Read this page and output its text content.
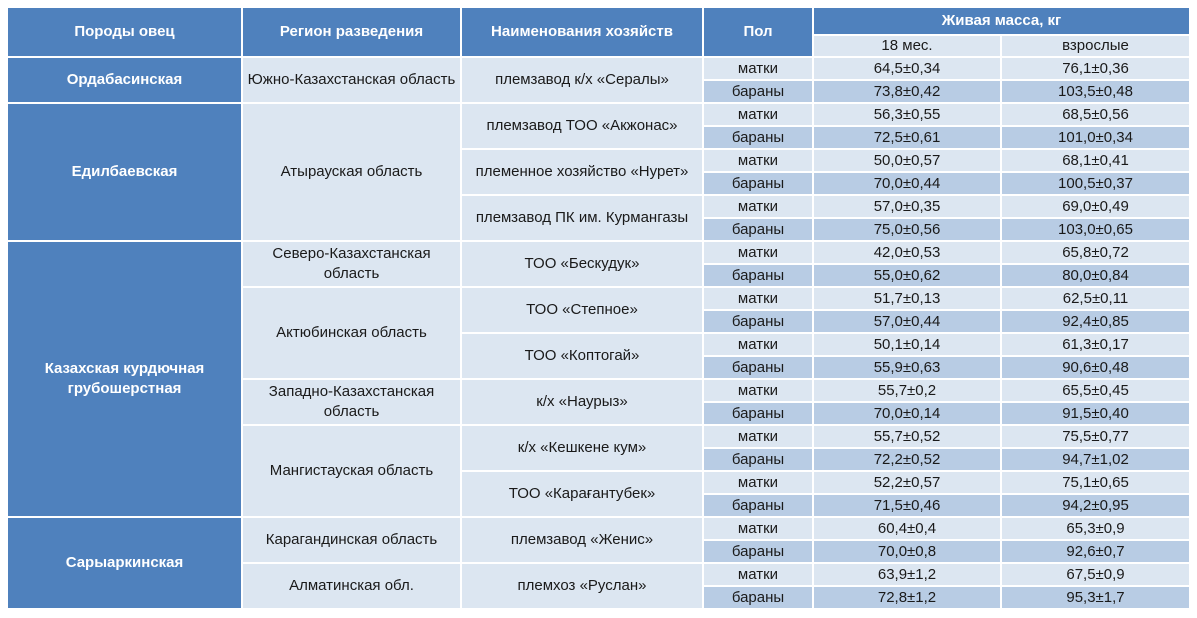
Породы овец	Регион разведения	Наименования хозяйств	Пол	Живая масса, кг	
				18 мес.	взрослые
Ордабасинская	Южно-Казахстанская область	племзавод к/х «Сералы»	матки	64,5±0,34	76,1±0,36
			бараны	73,8±0,42	103,5±0,48
Едилбаевская	Атырауская область	племзавод ТОО «Акжонас»	матки	56,3±0,55	68,5±0,56
			бараны	72,5±0,61	101,0±0,34
		племенное хозяйство «Нурет»	матки	50,0±0,57	68,1±0,41
			бараны	70,0±0,44	100,5±0,37
		племзавод ПК им. Курмангазы	матки	57,0±0,35	69,0±0,49
			бараны	75,0±0,56	103,0±0,65
Казахская курдючная грубошерстная	Северо-Казахстанская область	ТОО «Бескудук»	матки	42,0±0,53	65,8±0,72
			бараны	55,0±0,62	80,0±0,84
	Актюбинская область	ТОО «Степное»	матки	51,7±0,13	62,5±0,11
			бараны	57,0±0,44	92,4±0,85
		ТОО «Коптогай»	матки	50,1±0,14	61,3±0,17
			бараны	55,9±0,63	90,6±0,48
	Западно-Казахстанская область	к/х «Наурыз»	матки	55,7±0,2	65,5±0,45
			бараны	70,0±0,14	91,5±0,40
	Мангистауская область	к/х «Кешкене кум»	матки	55,7±0,52	75,5±0,77
			бараны	72,2±0,52	94,7±1,02
		ТОО «Карағантубек»	матки	52,2±0,57	75,1±0,65
			бараны	71,5±0,46	94,2±0,95
Сарыаркинская	Карагандинская область	племзавод «Женис»	матки	60,4±0,4	65,3±0,9
			бараны	70,0±0,8	92,6±0,7
	Алматинская обл.	племхоз «Руслан»	матки	63,9±1,2	67,5±0,9
			бараны	72,8±1,2	95,3±1,7
